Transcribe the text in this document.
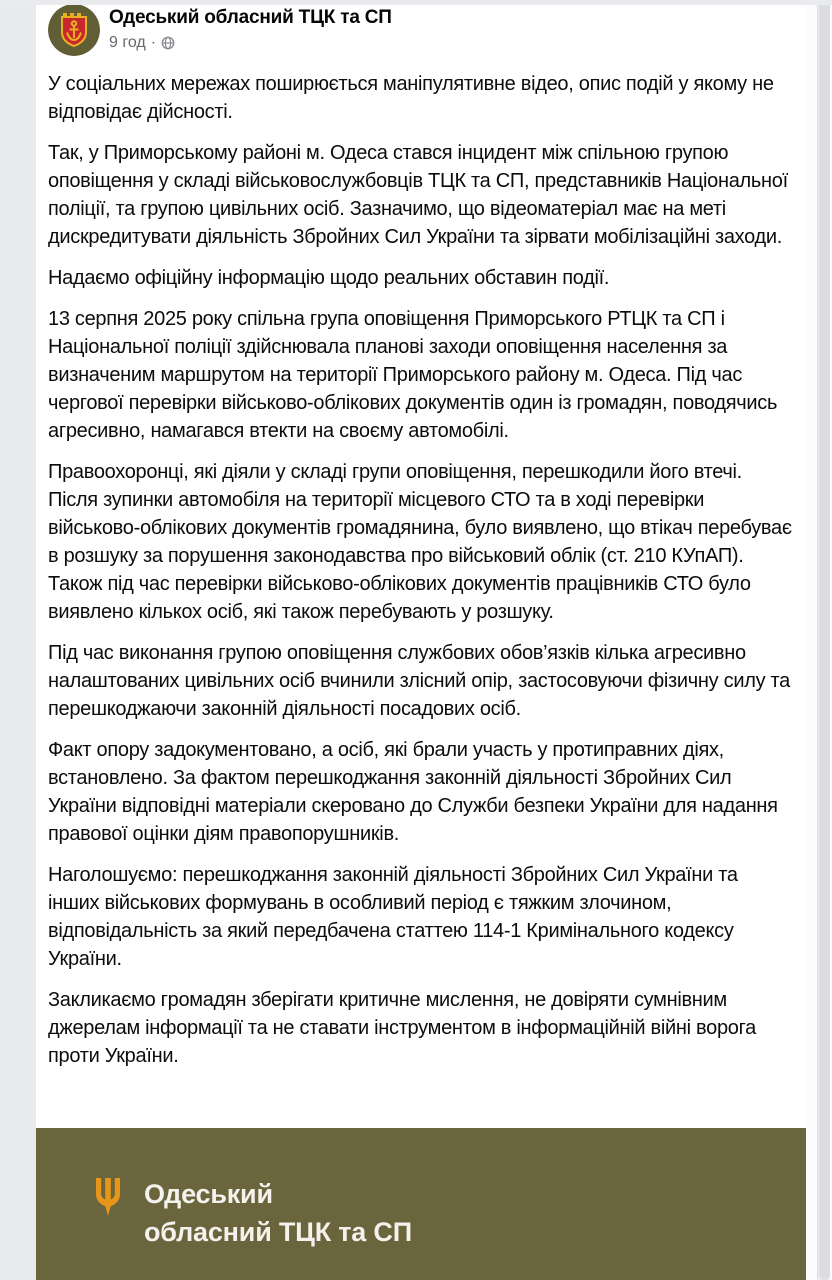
Одеський обласний ТЦК та СП
9 год ·

У соціальних мережах поширюється маніпулятивне відео, опис подій у якому не відповідає дійсності.

Так, у Приморському районі м. Одеса стався інцидент між спільною групою оповіщення у складі військовослужбовців ТЦК та СП, представників Національної поліції, та групою цивільних осіб. Зазначимо, що відеоматеріал має на меті дискредитувати діяльність Збройних Сил України та зірвати мобілізаційні заходи.

Надаємо офіційну інформацію щодо реальних обставин події.

13 серпня 2025 року спільна група оповіщення Приморського РТЦК та СП і Національної поліції здійснювала планові заходи оповіщення населення за визначеним маршрутом на території Приморського району м. Одеса. Під час чергової перевірки військово-облікових документів один із громадян, поводячись агресивно, намагався втекти на своєму автомобілі.

Правоохоронці, які діяли у складі групи оповіщення, перешкодили його втечі. Після зупинки автомобіля на території місцевого СТО та в ході перевірки військово-облікових документів громадянина, було виявлено, що втікач перебуває в розшуку за порушення законодавства про військовий облік (ст. 210 КУпАП). Також під час перевірки військово-облікових документів працівників СТО було виявлено кількох осіб, які також перебувають у розшуку.

Під час виконання групою оповіщення службових обов’язків кілька агресивно налаштованих цивільних осіб вчинили злісний опір, застосовуючи фізичну силу та перешкоджаючи законній діяльності посадових осіб.

Факт опору задокументовано, а осіб, які брали участь у протиправних діях, встановлено. За фактом перешкоджання законній діяльності Збройних Сил України відповідні матеріали скеровано до Служби безпеки України для надання правової оцінки діям правопорушників.

Наголошуємо: перешкоджання законній діяльності Збройних Сил України та інших військових формувань в особливий період є тяжким злочином, відповідальність за який передбачена статтею 114-1 Кримінального кодексу України.

Закликаємо громадян зберігати критичне мислення, не довіряти сумнівним джерелам інформації та не ставати інструментом в інформаційній війні ворога проти України.

Одеський
обласний ТЦК та СП
